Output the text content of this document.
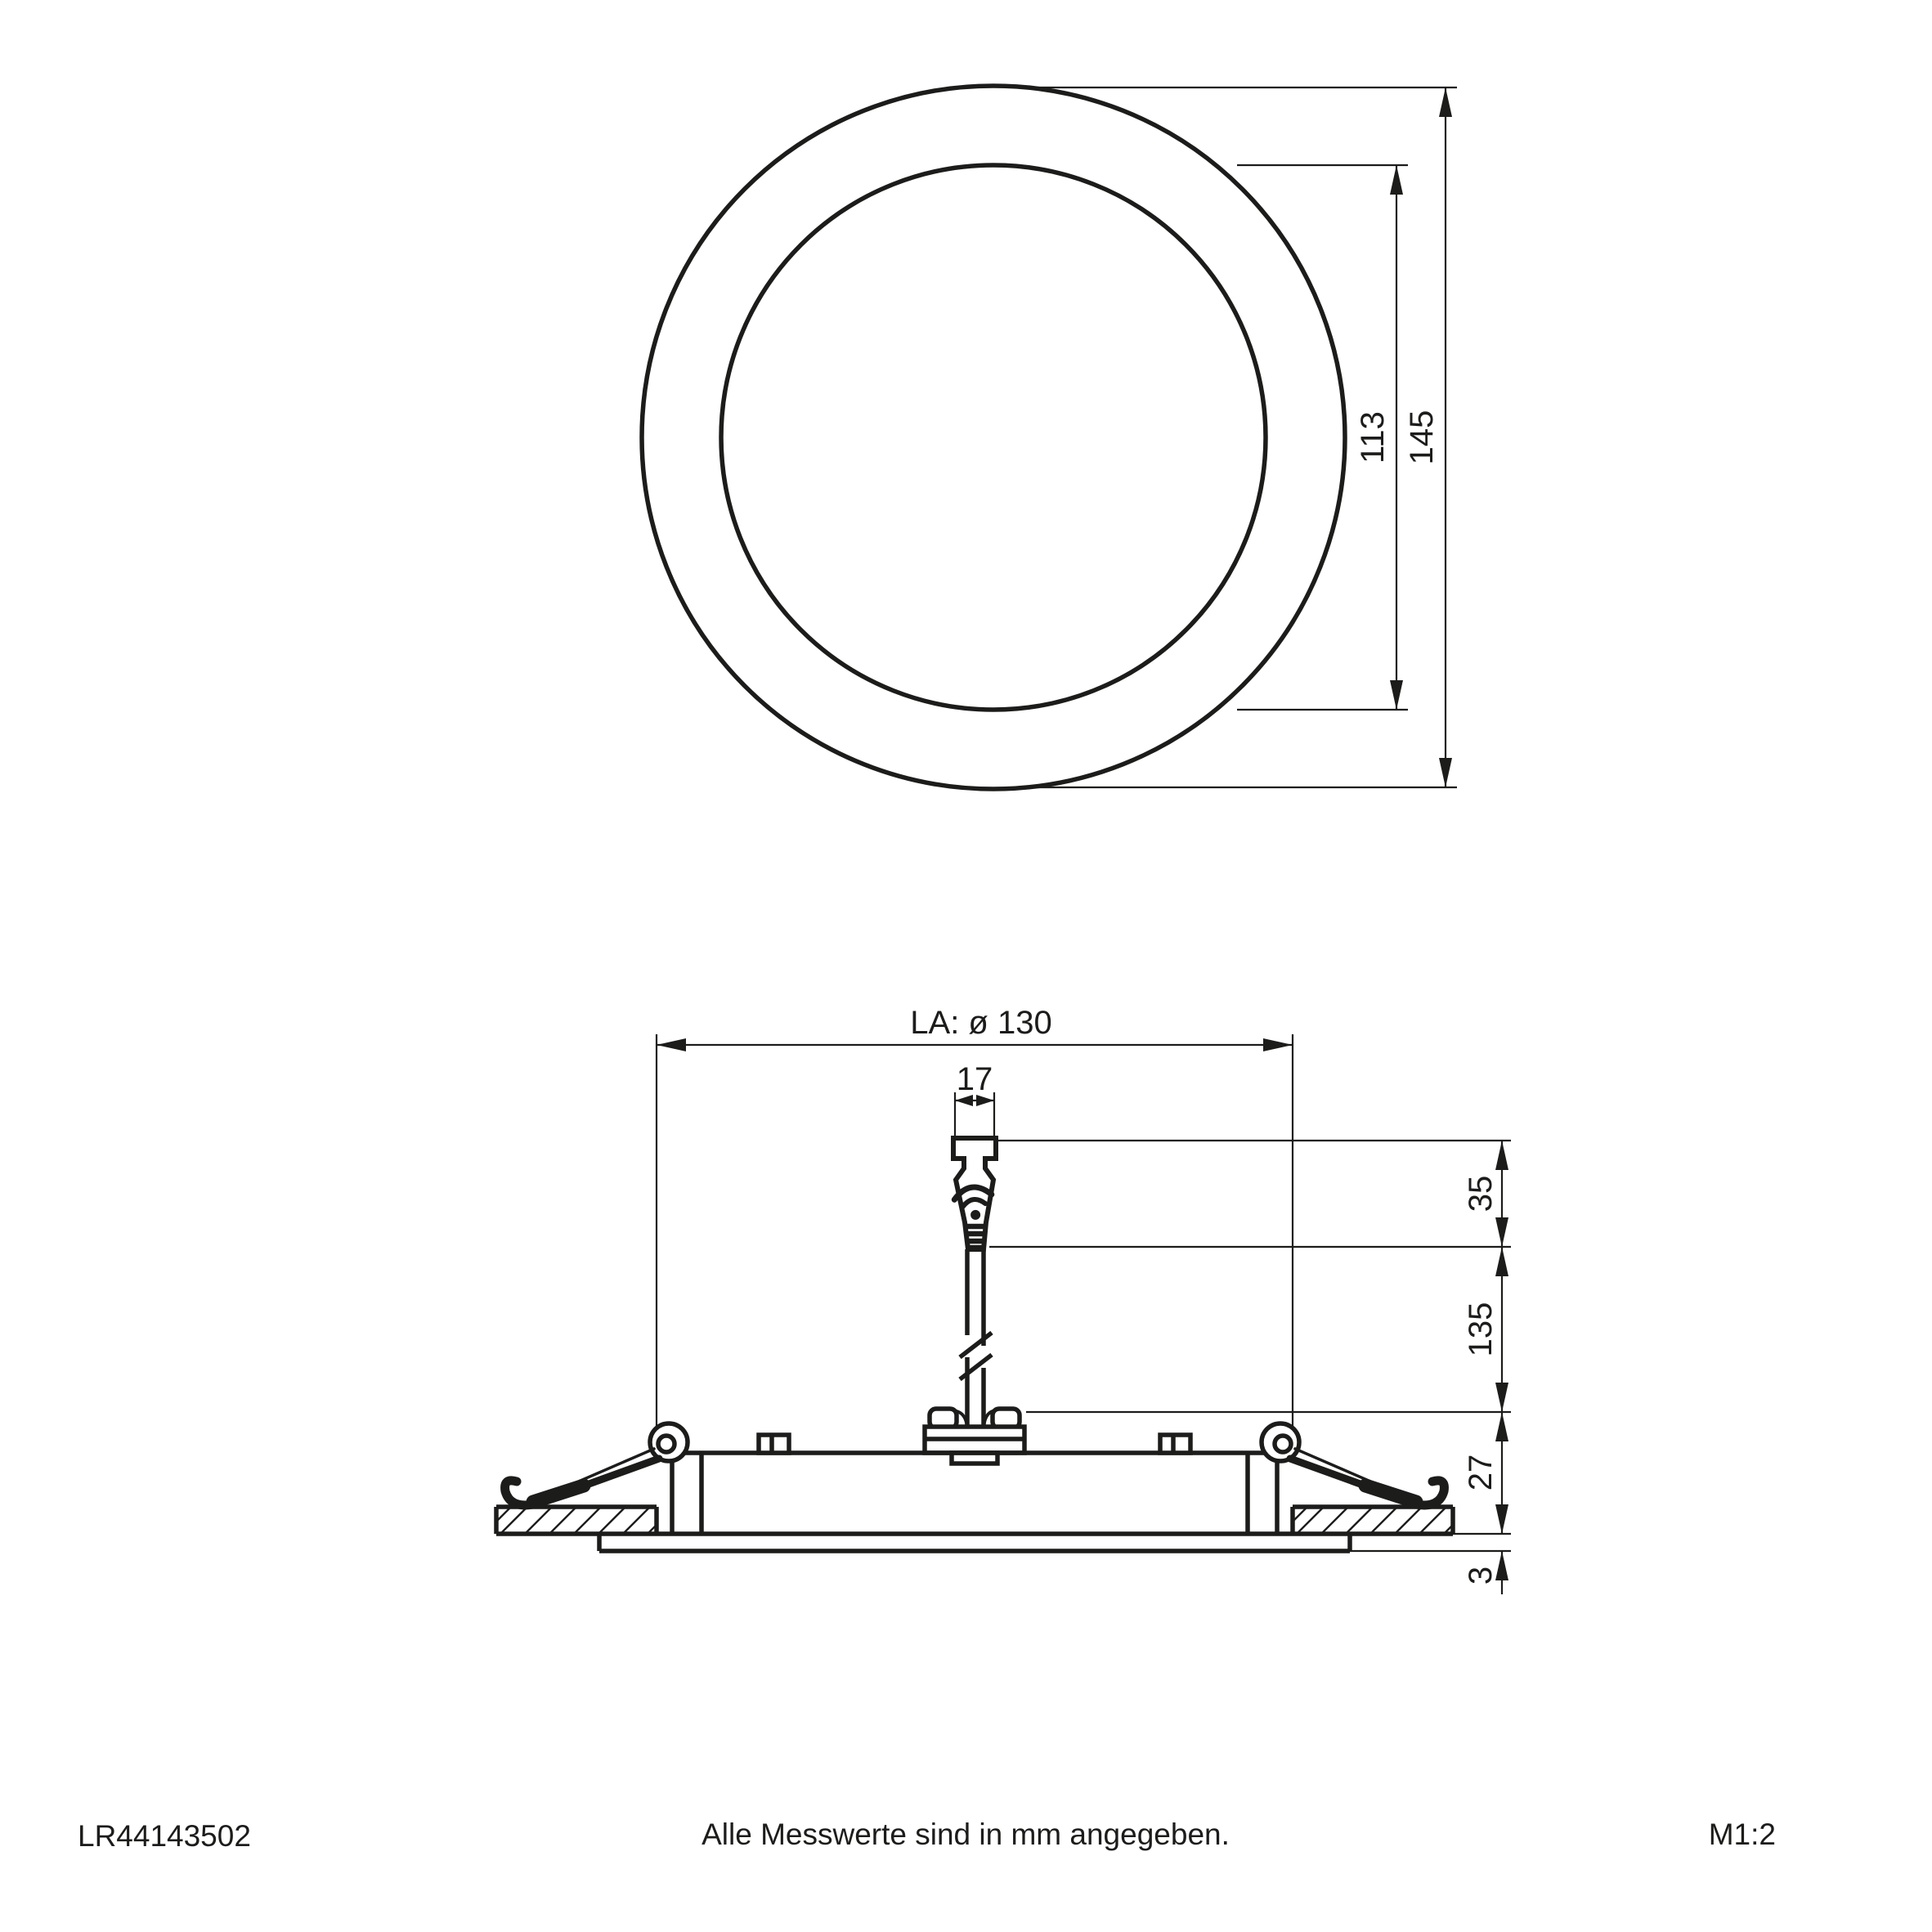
145
113
LA: ø 130
17
35
135
27
3
LR44143502	Alle Messwerte sind in mm angegeben.	M1:2
